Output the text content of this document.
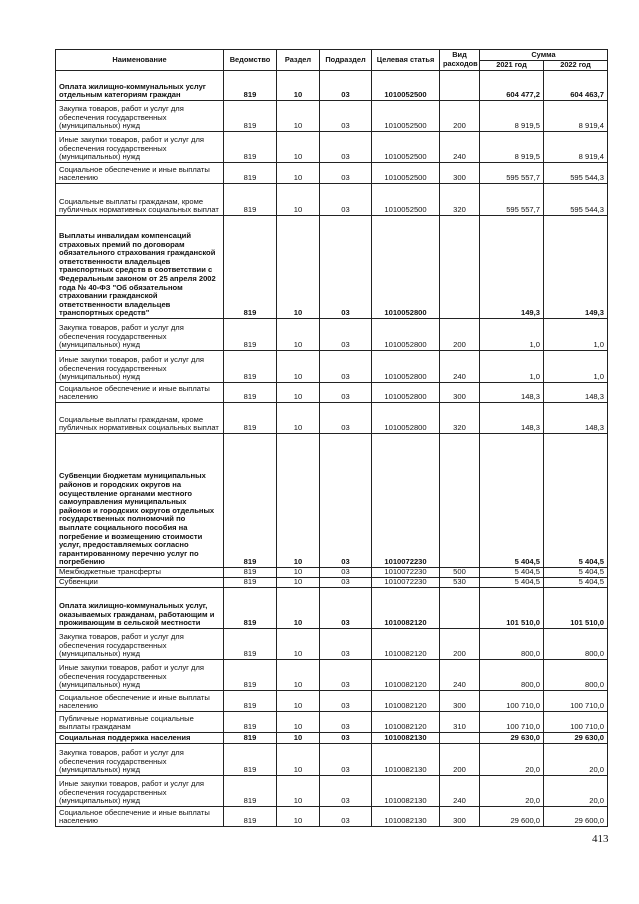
Наименование	Ведомство	Раздел	Подраздел	Целевая статья	Вид расходов	Сумма	
						2021 год	2022 год
Оплата жилищно-коммунальных услуг отдельным категориям граждан	819	10	03	1010052500		604 477,2	604 463,7
Закупка товаров, работ и услуг для обеспечения государственных (муниципальных) нужд	819	10	03	1010052500	200	8 919,5	8 919,4
Иные закупки товаров, работ и услуг для обеспечения государственных (муниципальных) нужд	819	10	03	1010052500	240	8 919,5	8 919,4
Социальное обеспечение и иные выплаты населению	819	10	03	1010052500	300	595 557,7	595 544,3
Социальные выплаты гражданам, кроме публичных нормативных социальных выплат	819	10	03	1010052500	320	595 557,7	595 544,3
Выплаты инвалидам компенсаций страховых премий по договорам обязательного страхования гражданской ответственности владельцев транспортных средств в соответствии с Федеральным законом от 25 апреля 2002 года № 40-ФЗ "Об обязательном страховании гражданской ответственности владельцев транспортных средств"	819	10	03	1010052800		149,3	149,3
Закупка товаров, работ и услуг для обеспечения государственных (муниципальных) нужд	819	10	03	1010052800	200	1,0	1,0
Иные закупки товаров, работ и услуг для обеспечения государственных (муниципальных) нужд	819	10	03	1010052800	240	1,0	1,0
Социальное обеспечение и иные выплаты населению	819	10	03	1010052800	300	148,3	148,3
Социальные выплаты гражданам, кроме публичных нормативных социальных выплат	819	10	03	1010052800	320	148,3	148,3
Субвенции бюджетам муниципальных районов и городских округов на осуществление органами местного самоуправления муниципальных районов и городских округов отдельных государственных полномочий по выплате социального пособия на погребение и возмещению стоимости услуг, предоставляемых согласно гарантированному перечню услуг по погребению	819	10	03	1010072230		5 404,5	5 404,5
Межбюджетные трансферты	819	10	03	1010072230	500	5 404,5	5 404,5
Субвенции	819	10	03	1010072230	530	5 404,5	5 404,5
Оплата жилищно-коммунальных услуг, оказываемых гражданам, работающим и проживающим в сельской местности	819	10	03	1010082120		101 510,0	101 510,0
Закупка товаров, работ и услуг для обеспечения государственных (муниципальных) нужд	819	10	03	1010082120	200	800,0	800,0
Иные закупки товаров, работ и услуг для обеспечения государственных (муниципальных) нужд	819	10	03	1010082120	240	800,0	800,0
Социальное обеспечение и иные выплаты населению	819	10	03	1010082120	300	100 710,0	100 710,0
Публичные нормативные социальные выплаты гражданам	819	10	03	1010082120	310	100 710,0	100 710,0
Социальная поддержка населения	819	10	03	1010082130		29 630,0	29 630,0
Закупка товаров, работ и услуг для обеспечения государственных (муниципальных) нужд	819	10	03	1010082130	200	20,0	20,0
Иные закупки товаров, работ и услуг для обеспечения государственных (муниципальных) нужд	819	10	03	1010082130	240	20,0	20,0
Социальное обеспечение и иные выплаты населению	819	10	03	1010082130	300	29 600,0	29 600,0
413
